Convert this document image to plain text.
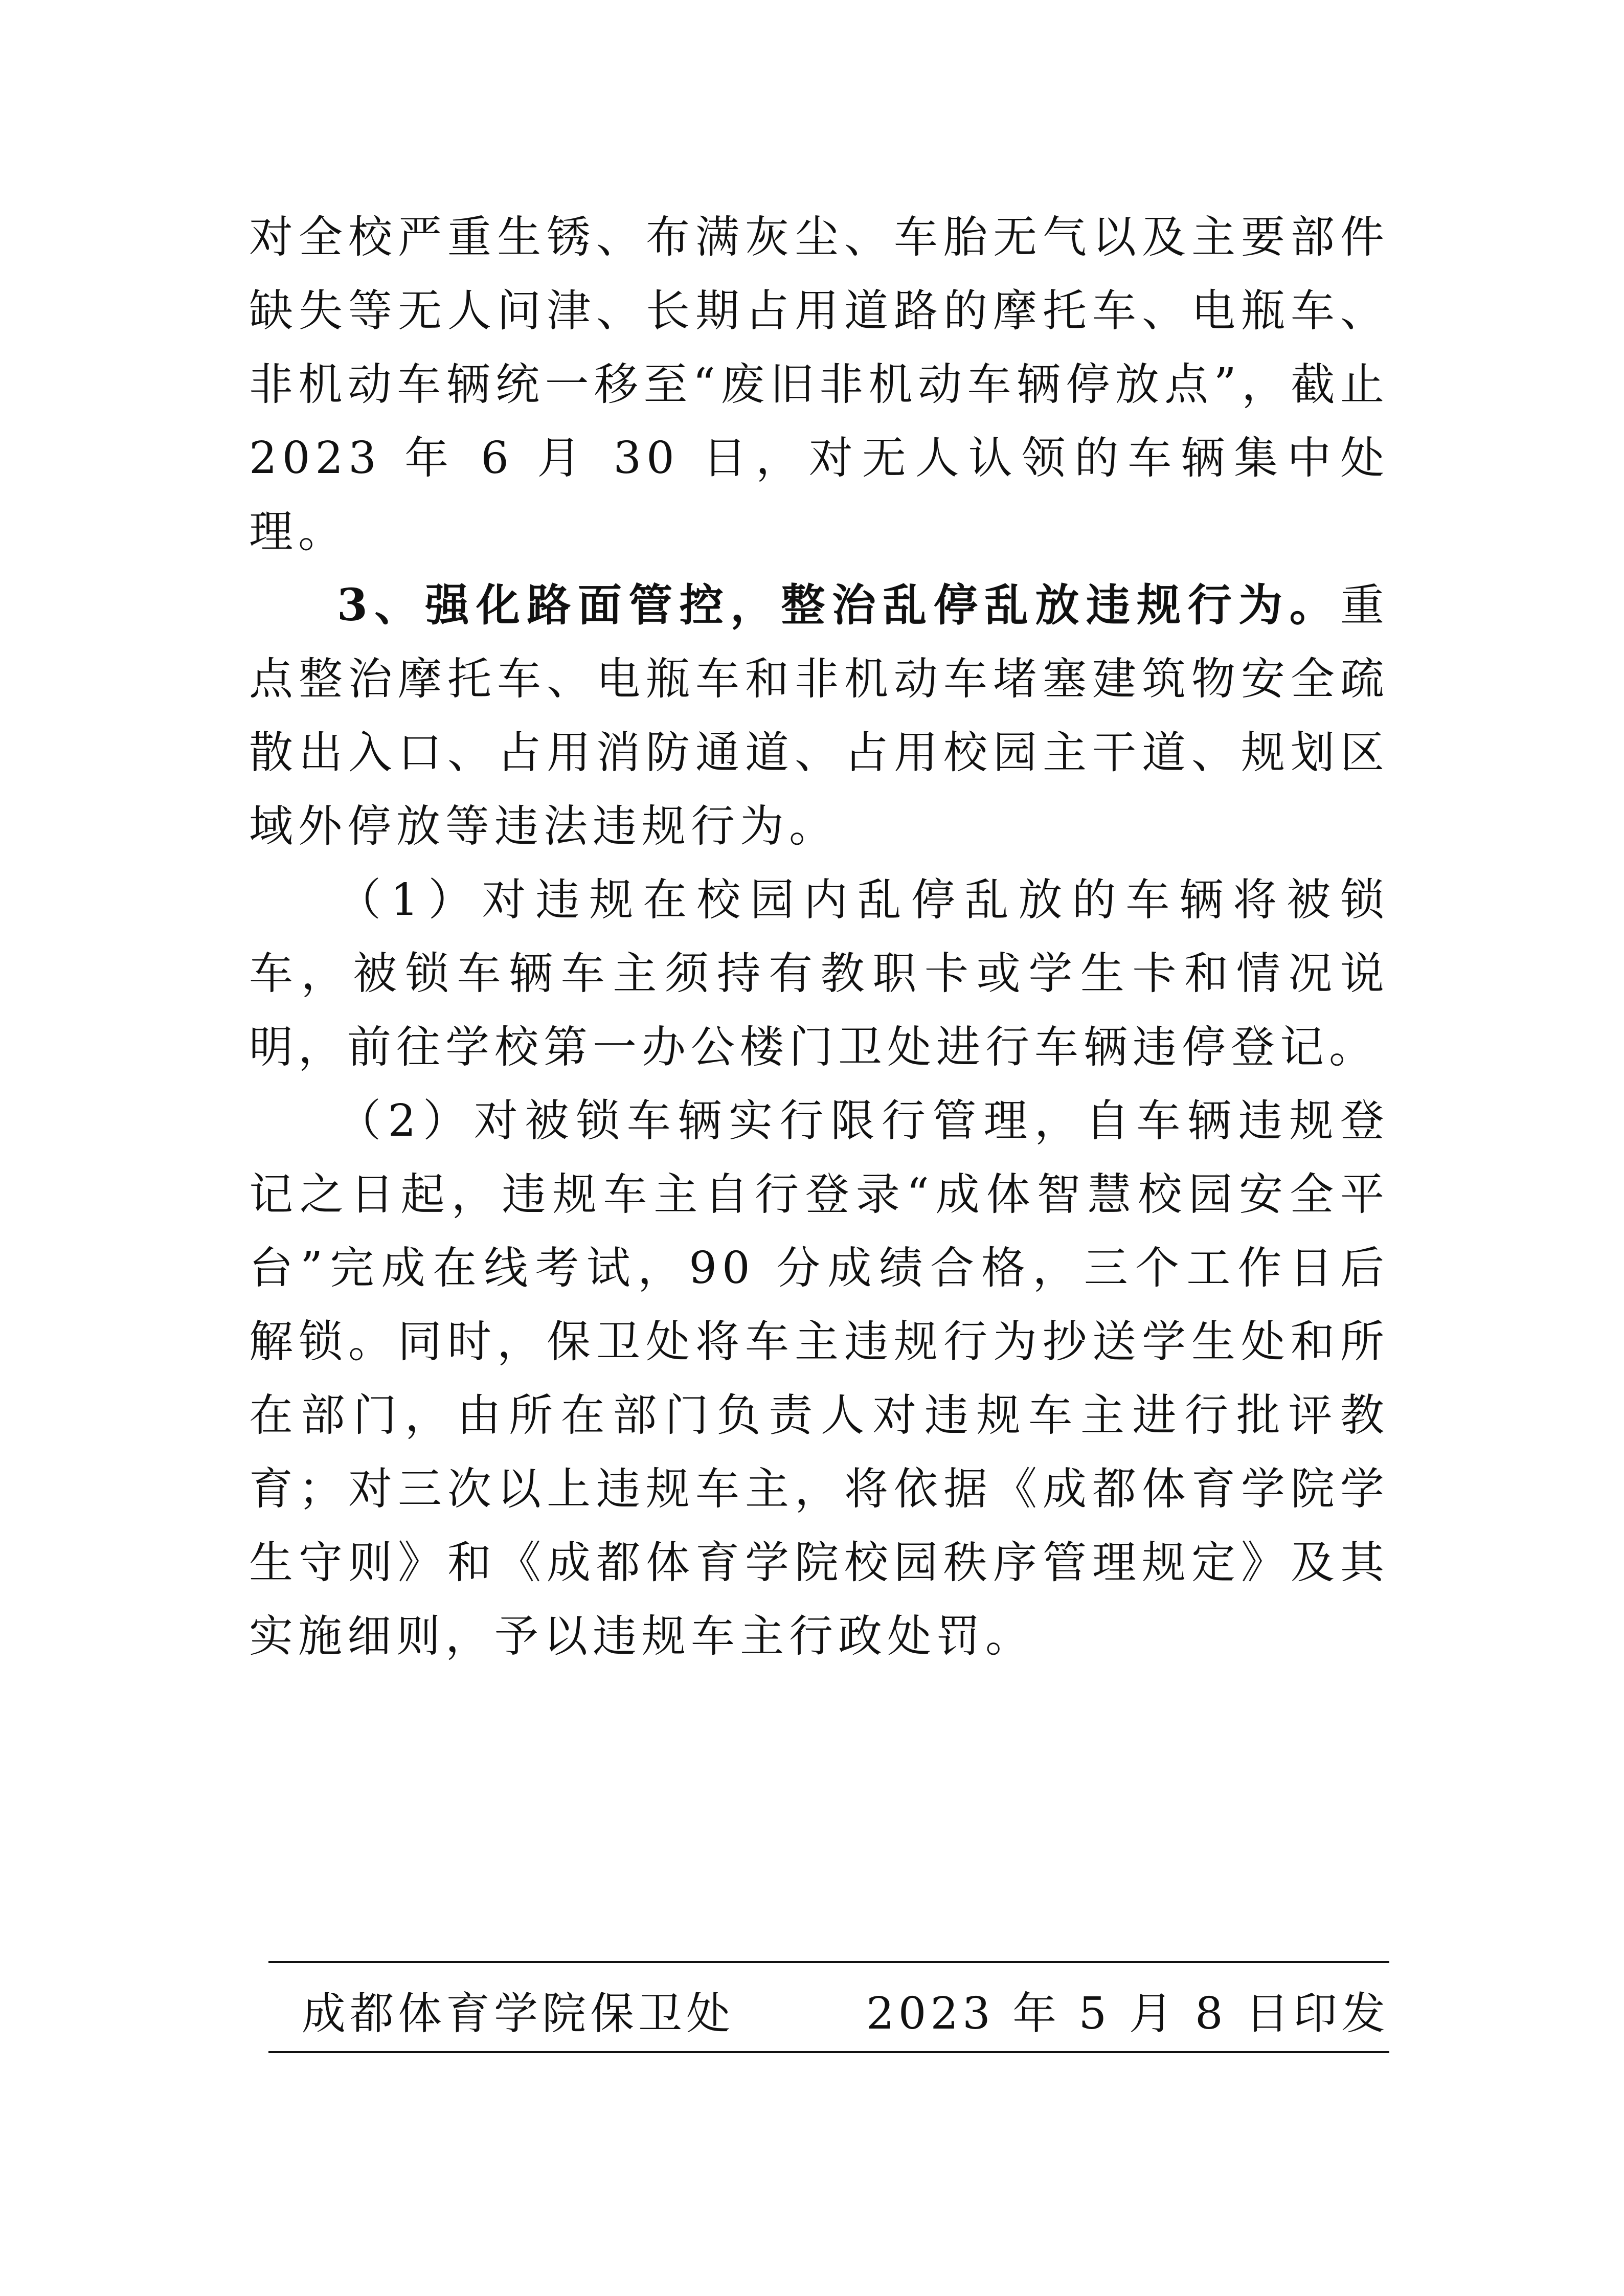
对全校严重生锈、布满灰尘、车胎无气以及主要部件缺失等无人问津、长期占用道路的摩托车、电瓶车、非机动车辆统一移至“废旧非机动车辆停放点”，截止 2023 年 6 月 30 日，对无人认领的车辆集中处理。

3、强化路面管控，整治乱停乱放违规行为。重点整治摩托车、电瓶车和非机动车堵塞建筑物安全疏散出入口、占用消防通道、占用校园主干道、规划区域外停放等违法违规行为。

（1）对违规在校园内乱停乱放的车辆将被锁车，被锁车辆车主须持有教职卡或学生卡和情况说明，前往学校第一办公楼门卫处进行车辆违停登记。

（2）对被锁车辆实行限行管理，自车辆违规登记之日起，违规车主自行登录“成体智慧校园安全平台”完成在线考试，90 分成绩合格，三个工作日后解锁。同时，保卫处将车主违规行为抄送学生处和所在部门，由所在部门负责人对违规车主进行批评教育；对三次以上违规车主，将依据《成都体育学院学生守则》和《成都体育学院校园秩序管理规定》及其实施细则，予以违规车主行政处罚。

成都体育学院保卫处	2023 年 5 月 8 日印发
